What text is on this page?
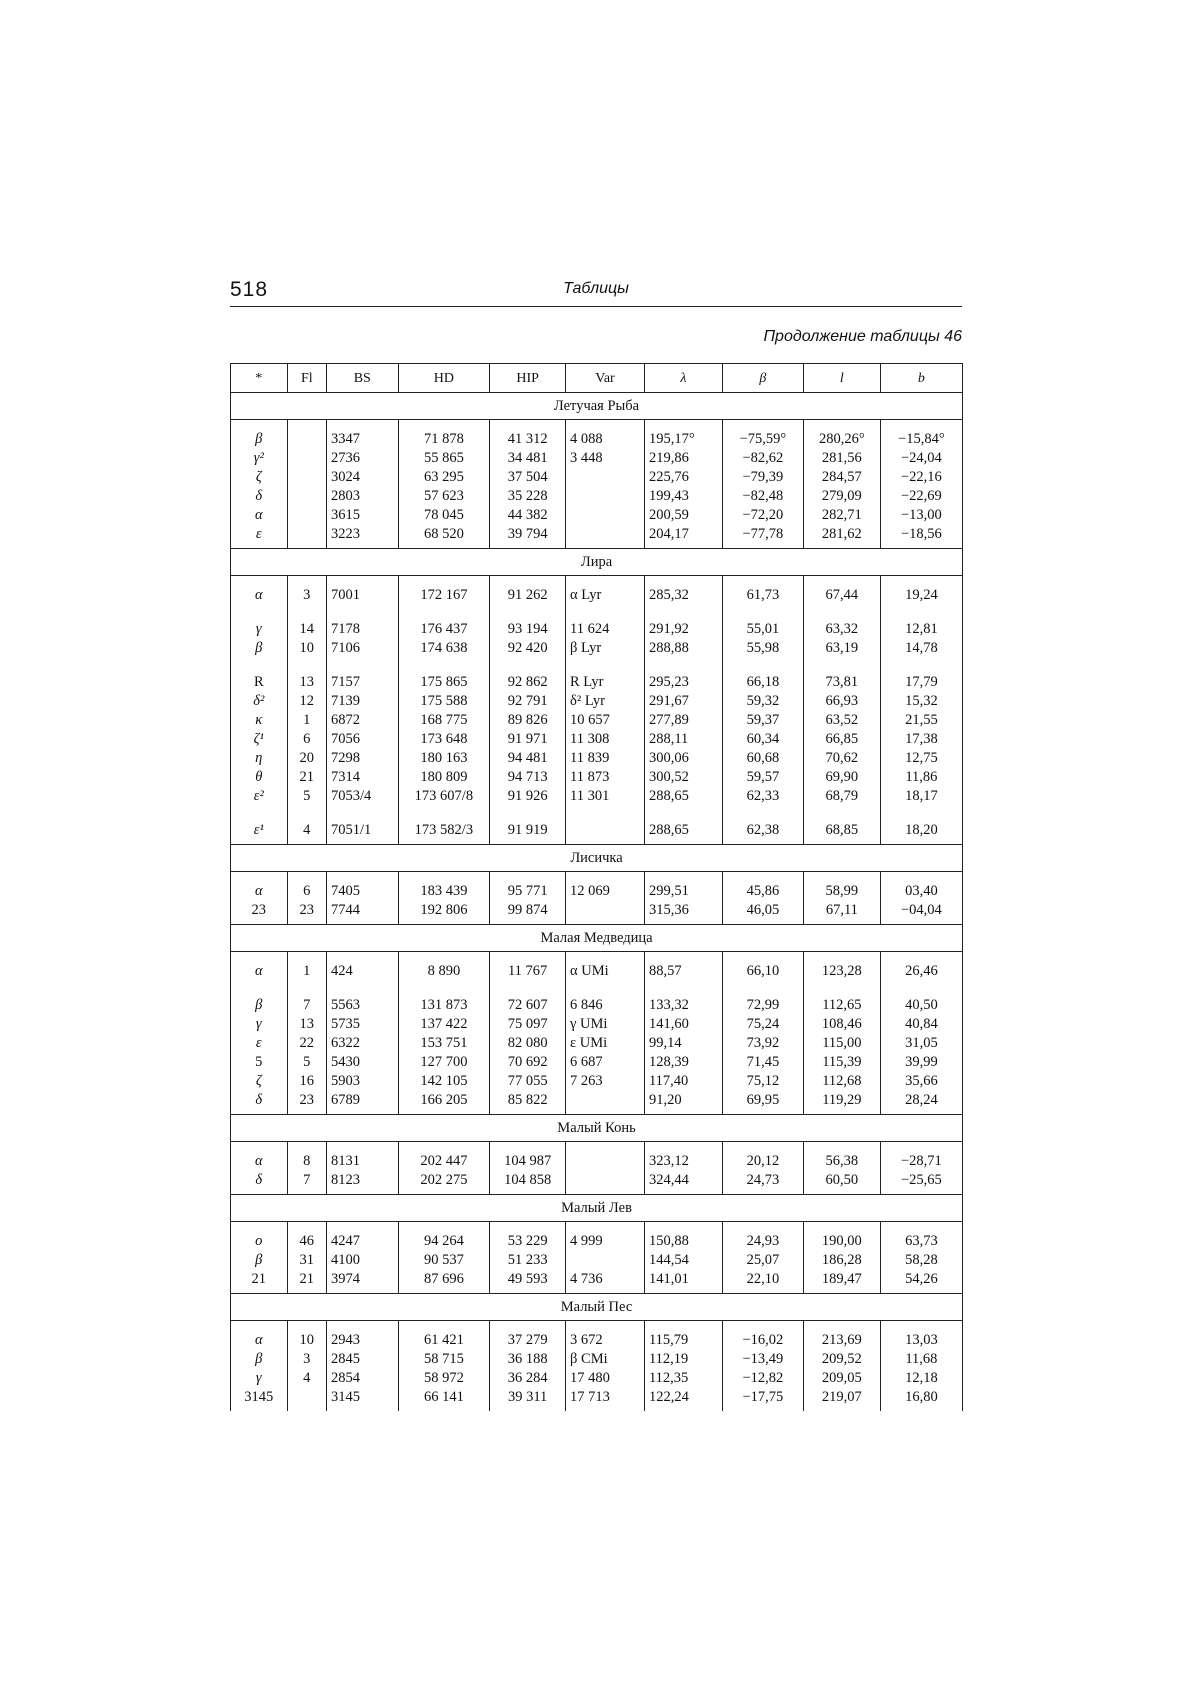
518	Таблицы
Продолжение таблицы 46
*	Fl	BS	HD	HIP	Var	λ	β	l	b
Летучая Рыба									

β		3347	71 878	41 312	4 088	195,17°	−75,59°	280,26°	−15,84°
γ²		2736	55 865	34 481	3 448	219,86	−82,62	281,56	−24,04
ζ		3024	63 295	37 504		225,76	−79,39	284,57	−22,16
δ		2803	57 623	35 228		199,43	−82,48	279,09	−22,69
α		3615	78 045	44 382		200,59	−72,20	282,71	−13,00
ε		3223	68 520	39 794		204,17	−77,78	281,62	−18,56
Лира									

α	3	7001	172 167	91 262	α Lyr	285,32	61,73	67,44	19,24

γ	14	7178	176 437	93 194	11 624	291,92	55,01	63,32	12,81
β	10	7106	174 638	92 420	β Lyr	288,88	55,98	63,19	14,78

R	13	7157	175 865	92 862	R Lyr	295,23	66,18	73,81	17,79
δ²	12	7139	175 588	92 791	δ² Lyr	291,67	59,32	66,93	15,32
κ	1	6872	168 775	89 826	10 657	277,89	59,37	63,52	21,55
ζ¹	6	7056	173 648	91 971	11 308	288,11	60,34	66,85	17,38
η	20	7298	180 163	94 481	11 839	300,06	60,68	70,62	12,75
θ	21	7314	180 809	94 713	11 873	300,52	59,57	69,90	11,86
ε²	5	7053/4	173 607/8	91 926	11 301	288,65	62,33	68,79	18,17

ε¹	4	7051/1	173 582/3	91 919		288,65	62,38	68,85	18,20
Лисичка									

α	6	7405	183 439	95 771	12 069	299,51	45,86	58,99	03,40
23	23	7744	192 806	99 874		315,36	46,05	67,11	−04,04
Малая Медведица									

α	1	424	8 890	11 767	α UMi	88,57	66,10	123,28	26,46

β	7	5563	131 873	72 607	6 846	133,32	72,99	112,65	40,50
γ	13	5735	137 422	75 097	γ UMi	141,60	75,24	108,46	40,84
ε	22	6322	153 751	82 080	ε UMi	99,14	73,92	115,00	31,05
5	5	5430	127 700	70 692	6 687	128,39	71,45	115,39	39,99
ζ	16	5903	142 105	77 055	7 263	117,40	75,12	112,68	35,66
δ	23	6789	166 205	85 822		91,20	69,95	119,29	28,24
Малый Конь									

α	8	8131	202 447	104 987		323,12	20,12	56,38	−28,71
δ	7	8123	202 275	104 858		324,44	24,73	60,50	−25,65
Малый Лев									

ο	46	4247	94 264	53 229	4 999	150,88	24,93	190,00	63,73
β	31	4100	90 537	51 233		144,54	25,07	186,28	58,28
21	21	3974	87 696	49 593	4 736	141,01	22,10	189,47	54,26
Малый Пес									

α	10	2943	61 421	37 279	3 672	115,79	−16,02	213,69	13,03
β	3	2845	58 715	36 188	β CMi	112,19	−13,49	209,52	11,68
γ	4	2854	58 972	36 284	17 480	112,35	−12,82	209,05	12,18
3145		3145	66 141	39 311	17 713	122,24	−17,75	219,07	16,80
